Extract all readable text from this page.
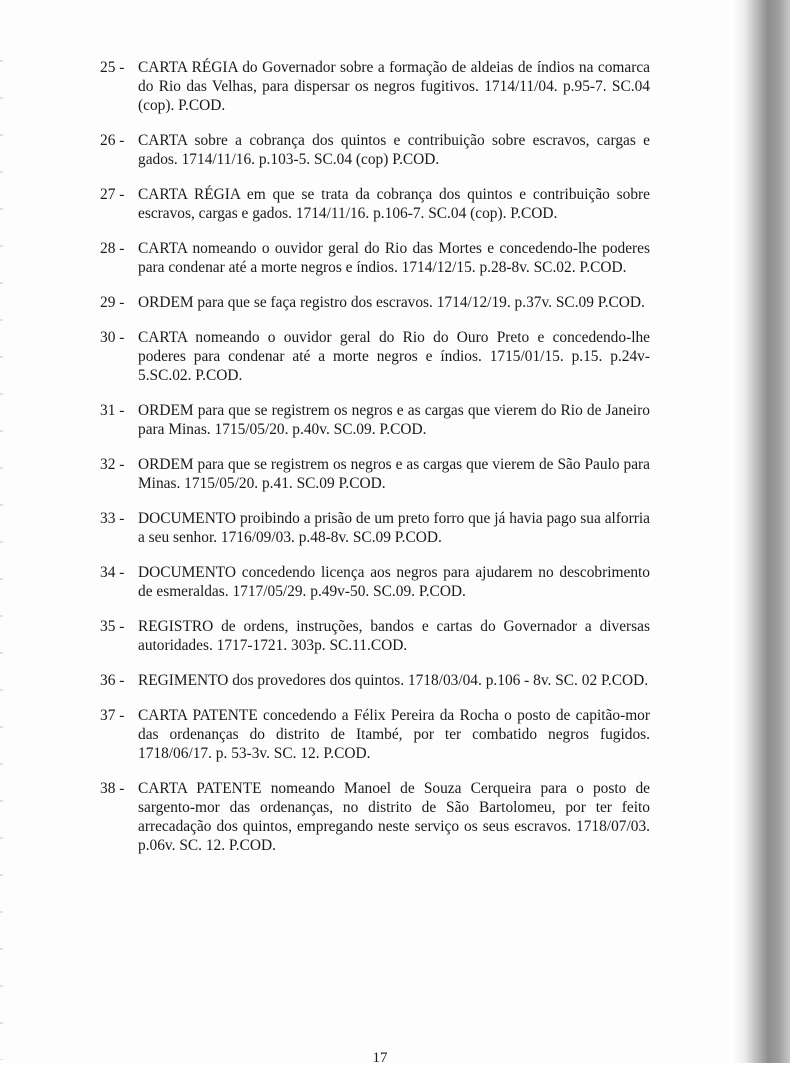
25 - CARTA RÉGIA do Governador sobre a formação de aldeias de índios na comarca do Rio das Velhas, para dispersar os negros fugitivos. 1714/11/04. p.95-7. SC.04 (cop). P.COD.
26 - CARTA sobre a cobrança dos quintos e contribuição sobre escravos, cargas e gados. 1714/11/16. p.103-5. SC.04 (cop) P.COD.
27 - CARTA RÉGIA em que se trata da cobrança dos quintos e contribuição sobre escravos, cargas e gados. 1714/11/16. p.106-7. SC.04 (cop). P.COD.
28 - CARTA nomeando o ouvidor geral do Rio das Mortes e concedendo-lhe poderes para condenar até a morte negros e índios. 1714/12/15. p.28-8v. SC.02. P.COD.
29 - ORDEM para que se faça registro dos escravos. 1714/12/19. p.37v. SC.09 P.COD.
30 - CARTA nomeando o ouvidor geral do Rio do Ouro Preto e concedendo-lhe poderes para condenar até a morte negros e índios. 1715/01/15. p.15. p.24v-5.SC.02. P.COD.
31 - ORDEM para que se registrem os negros e as cargas que vierem do Rio de Janeiro para Minas. 1715/05/20. p.40v. SC.09. P.COD.
32 - ORDEM para que se registrem os negros e as cargas que vierem de São Paulo para Minas. 1715/05/20. p.41. SC.09 P.COD.
33 - DOCUMENTO proibindo a prisão de um preto forro que já havia pago sua alforria a seu senhor. 1716/09/03. p.48-8v. SC.09 P.COD.
34 - DOCUMENTO concedendo licença aos negros para ajudarem no descobrimento de esmeraldas. 1717/05/29. p.49v-50. SC.09. P.COD.
35 - REGISTRO de ordens, instruções, bandos e cartas do Governador a diversas autoridades. 1717-1721. 303p. SC.11.COD.
36 - REGIMENTO dos provedores dos quintos. 1718/03/04. p.106 - 8v. SC. 02 P.COD.
37 - CARTA PATENTE concedendo a Félix Pereira da Rocha o posto de capitão-mor das ordenanças do distrito de Itambé, por ter combatido negros fugidos. 1718/06/17. p. 53-3v. SC. 12. P.COD.
38 - CARTA PATENTE nomeando Manoel de Souza Cerqueira para o posto de sargento-mor das ordenanças, no distrito de São Bartolomeu, por ter feito arrecadação dos quintos, empregando neste serviço os seus escravos. 1718/07/03. p.06v. SC. 12. P.COD.
17
